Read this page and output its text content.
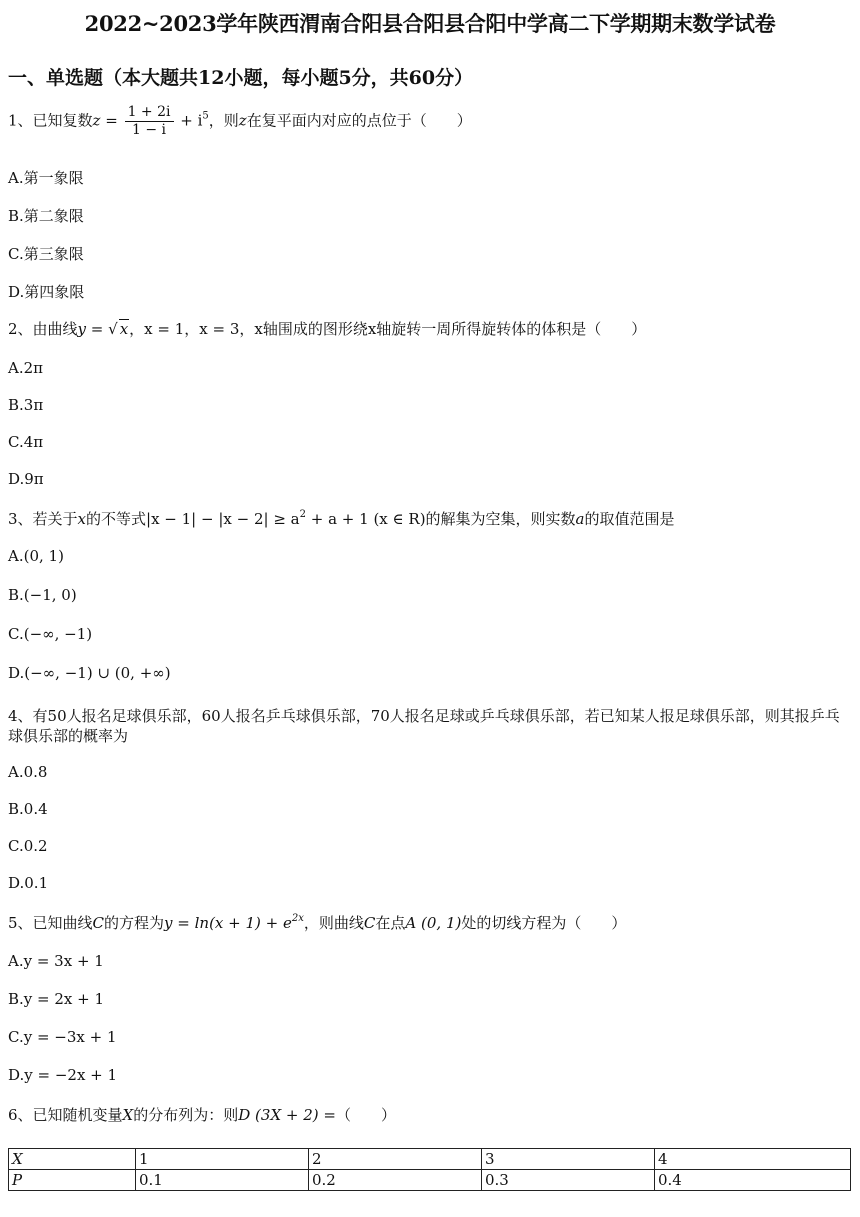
2022~2023学年陕西渭南合阳县合阳县合阳中学高二下学期期末数学试卷
一、单选题（本大题共12小题，每小题5分，共60分）
1、已知复数$z = \frac{1 + 2i}{1 - i} + i^5$，则z在复平面内对应的点位于（　　）
A.第一象限
B.第二象限
C.第三象限
D.第四象限
2、由曲线y = √ x，x = 1，x = 3，x轴围成的图形绕x轴旋转一周所得旋转体的体积是（　　）
A.2π
B.3π
C.4π
D.9π
3、若关于x的不等式$|x - 1| - |x - 2| \ge a^2 + a + 1$ (x ∈ R)的解集为空集，则实数a的取值范围是
A.(0, 1)
B.(−1, 0)
C.(−∞, −1)
D.(−∞, −1) ∪ (0, +∞)
4、有50人报名足球俱乐部，60人报名乒乓球俱乐部，70人报名足球或乒乓球俱乐部，若已知某人报足球俱乐部，则其报乒乓球俱乐部的概率为
A.0.8
B.0.4
C.0.2
D.0.1
5、已知曲线C的方程为$y = \ln(x + 1) + e^{2x}$，则曲线C在点A (0, 1)处的切线方程为（　　）
A.y = 3x + 1
B.y = 2x + 1
C.y = −3x + 1
D.y = −2x + 1
6、已知随机变量X的分布列为：则D (3X + 2) =（　　）
X	1	2	3	4
P	0.1	0.2	0.3	0.4
